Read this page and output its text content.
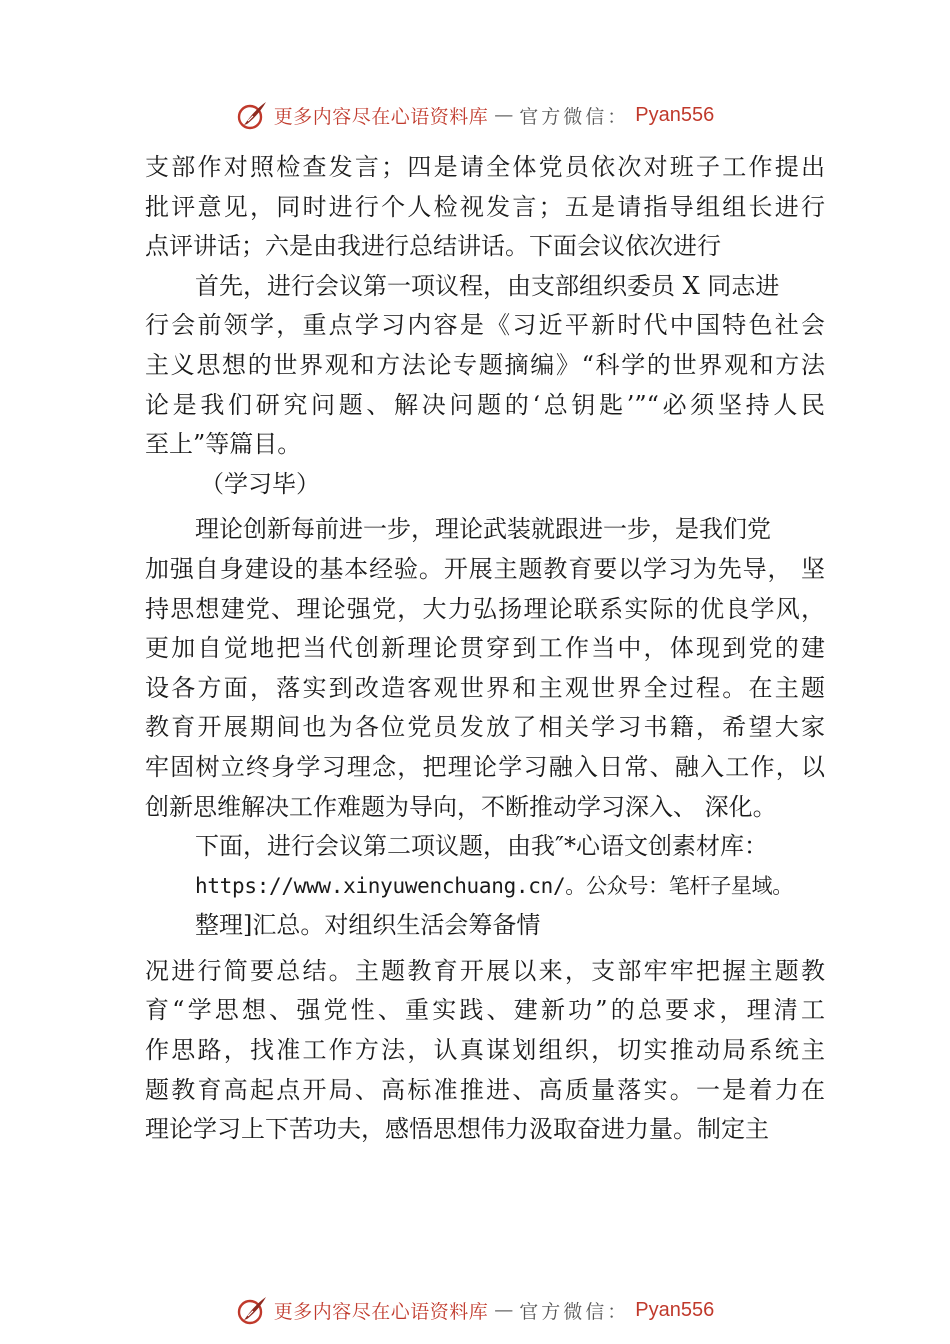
更多内容尽在心语资料库 — 官方微信： Pyan556
支部作对照检查发言；四是请全体党员依次对班子工作提出
批评意见，同时进行个人检视发言；五是请指导组组长进行
点评讲话；六是由我进行总结讲话。下面会议依次进行
首先，进行会议第一项议程，由支部组织委员 X 同志进
行会前领学，重点学习内容是《习近平新时代中国特色社会
主义思想的世界观和方法论专题摘编》“科学的世界观和方法
论是我们研究问题、解决问题的‘总钥匙’”“必须坚持人民
至上”等篇目。
（学习毕）
理论创新每前进一步，理论武装就跟进一步，是我们党
加强自身建设的基本经验。开展主题教育要以学习为先导， 坚
持思想建党、理论强党，大力弘扬理论联系实际的优良学风，
更加自觉地把当代创新理论贯穿到工作当中，体现到党的建
设各方面，落实到改造客观世界和主观世界全过程。在主题
教育开展期间也为各位党员发放了相关学习书籍，希望大家
牢固树立终身学习理念，把理论学习融入日常、融入工作，以
创新思维解决工作难题为导向，不断推动学习深入、 深化。
下面，进行会议第二项议题，由我″*心语文创素材库：
https://www.xinyuwenchuang.cn/。公众号：笔杆子星域。
整理]汇总。对组织生活会筹备情
况进行简要总结。主题教育开展以来，支部牢牢把握主题教
育“学思想、强党性、重实践、建新功”的总要求，理清工
作思路，找准工作方法，认真谋划组织，切实推动局系统主
题教育高起点开局、高标准推进、高质量落实。一是着力在
理论学习上下苦功夫，感悟思想伟力汲取奋进力量。制定主
更多内容尽在心语资料库 — 官方微信： Pyan556
